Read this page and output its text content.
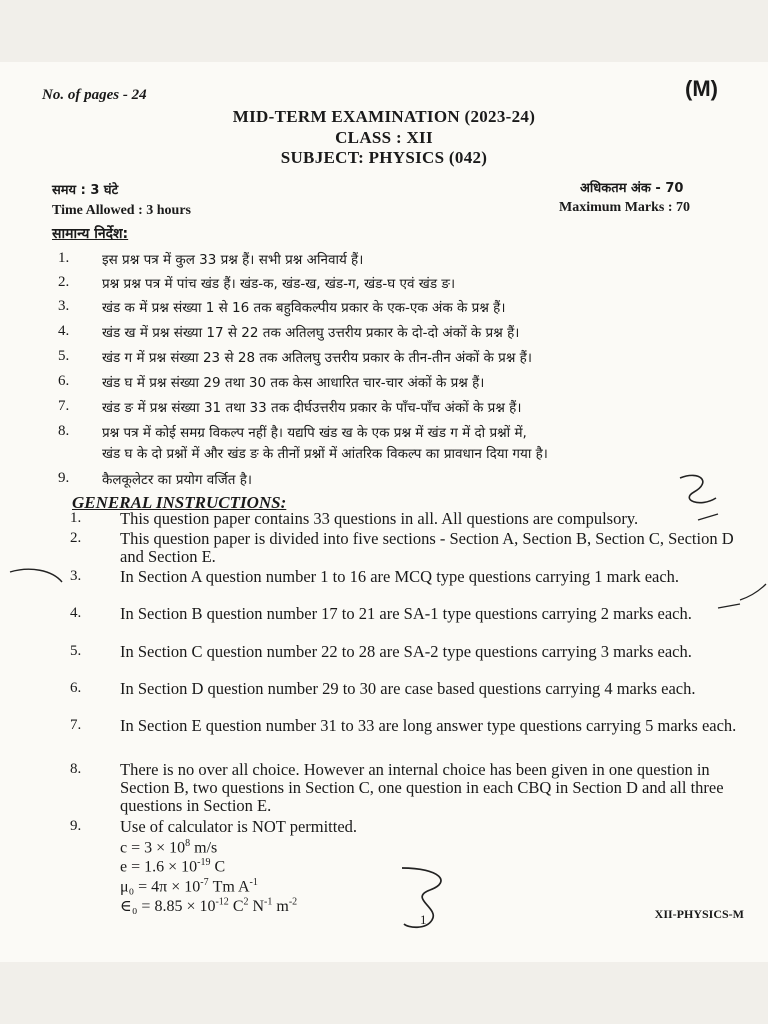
No. of pages - 24	(M)
MID-TERM EXAMINATION (2023-24)
CLASS : XII
SUBJECT: PHYSICS (042)
समय : 3 घंटे	अधिकतम अंक - 70
Time Allowed : 3 hours	Maximum Marks : 70
सामान्य निर्देश:
1. इस प्रश्न पत्र में कुल 33 प्रश्न हैं। सभी प्रश्न अनिवार्य हैं।
2. प्रश्न प्रश्न पत्र में पांच खंड हैं। खंड-क, खंड-ख, खंड-ग, खंड-घ एवं खंड ङ।
3. खंड क में प्रश्न संख्या 1 से 16 तक बहुविकल्पीय प्रकार के एक-एक अंक के प्रश्न हैं।
4. खंड ख में प्रश्न संख्या 17 से 22 तक अतिलघु उत्तरीय प्रकार के दो-दो अंकों के प्रश्न हैं।
5. खंड ग में प्रश्न संख्या 23 से 28 तक अतिलघु उत्तरीय प्रकार के तीन-तीन अंकों के प्रश्न हैं।
6. खंड घ में प्रश्न संख्या 29 तथा 30 तक केस आधारित चार-चार अंकों के प्रश्न हैं।
7. खंड ङ में प्रश्न संख्या 31 तथा 33 तक दीर्घउत्तरीय प्रकार के पाँच-पाँच अंकों के प्रश्न हैं।
8. प्रश्न पत्र में कोई समग्र विकल्प नहीं है। यद्यपि खंड ख के एक प्रश्न में खंड ग में दो प्रश्नों में,
खंड घ के दो प्रश्नों में और खंड ङ के तीनों प्रश्नों में आंतरिक विकल्प का प्रावधान दिया गया है।
9. कैलकूलेटर का प्रयोग वर्जित है।
GENERAL INSTRUCTIONS:
1. This question paper contains 33 questions in all. All questions are compulsory.
2. This question paper is divided into five sections - Section A, Section B, Section C, Section D and Section E.
3. In Section A question number 1 to 16 are MCQ type questions carrying 1 mark each.
4. In Section B question number 17 to 21 are SA-1 type questions carrying 2 marks each.
5. In Section C question number 22 to 28 are SA-2 type questions carrying 3 marks each.
6. In Section D question number 29 to 30 are case based questions carrying 4 marks each.
7. In Section E question number 31 to 33 are long answer type questions carrying 5 marks each.
8. There is no over all choice. However an internal choice has been given in one question in Section B, two questions in Section C, one question in each CBQ in Section D and all three questions in Section E.
9. Use of calculator is NOT permitted.
$c = 3 \times 10^8$ m/s
$e = 1.6 \times 10^{-19}$ C
$\mu_0 = 4\pi \times 10^{-7}$ Tm $A^{-1}$
∈₀ = $8.85 \times 10^{-12}$ $C^2$ $N^{-1}$ $m^{-2}$
1	XII-PHYSICS-M
